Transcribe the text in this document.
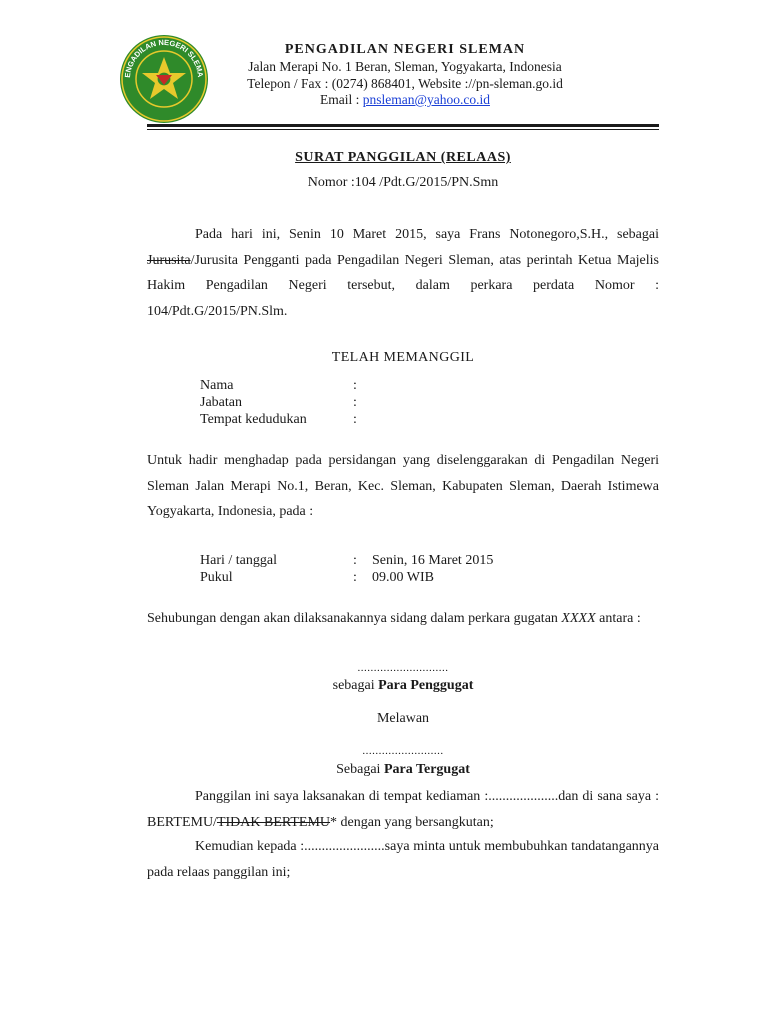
ENGADILAN NEGERI SLEMA
PENGADILAN NEGERI SLEMAN
Jalan Merapi No. 1 Beran, Sleman, Yogyakarta, Indonesia
Telepon / Fax : (0274) 868401, Website ://pn-sleman.go.id
Email : pnsleman@yahoo.co.id
SURAT PANGGILAN (RELAAS)
Nomor :104 /Pdt.G/2015/PN.Smn
Pada hari ini, Senin 10 Maret 2015, saya Frans Notonegoro,S.H., sebagai Jurusita/Jurusita Pengganti pada Pengadilan Negeri Sleman, atas perintah Ketua Majelis Hakim Pengadilan Negeri tersebut, dalam perkara perdata Nomor : 104/Pdt.G/2015/PN.Slm.
TELAH MEMANGGIL
Nama	:
Jabatan	:
Tempat kedudukan	:
Untuk hadir menghadap pada persidangan yang diselenggarakan di Pengadilan Negeri Sleman Jalan Merapi No.1, Beran, Kec. Sleman, Kabupaten Sleman, Daerah Istimewa Yogyakarta, Indonesia, pada :
Hari / tanggal	: Senin, 16 Maret 2015
Pukul	: 09.00 WIB
Sehubungan dengan akan dilaksanakannya sidang dalam perkara gugatan XXXX antara :
............................
sebagai Para Penggugat
Melawan
.........................
Sebagai Para Tergugat
Panggilan ini saya laksanakan di tempat kediaman :....................dan di sana saya : BERTEMU/TIDAK BERTEMU* dengan yang bersangkutan;
Kemudian kepada :.......................saya minta untuk membubuhkan tandatangannya pada relaas panggilan ini;
